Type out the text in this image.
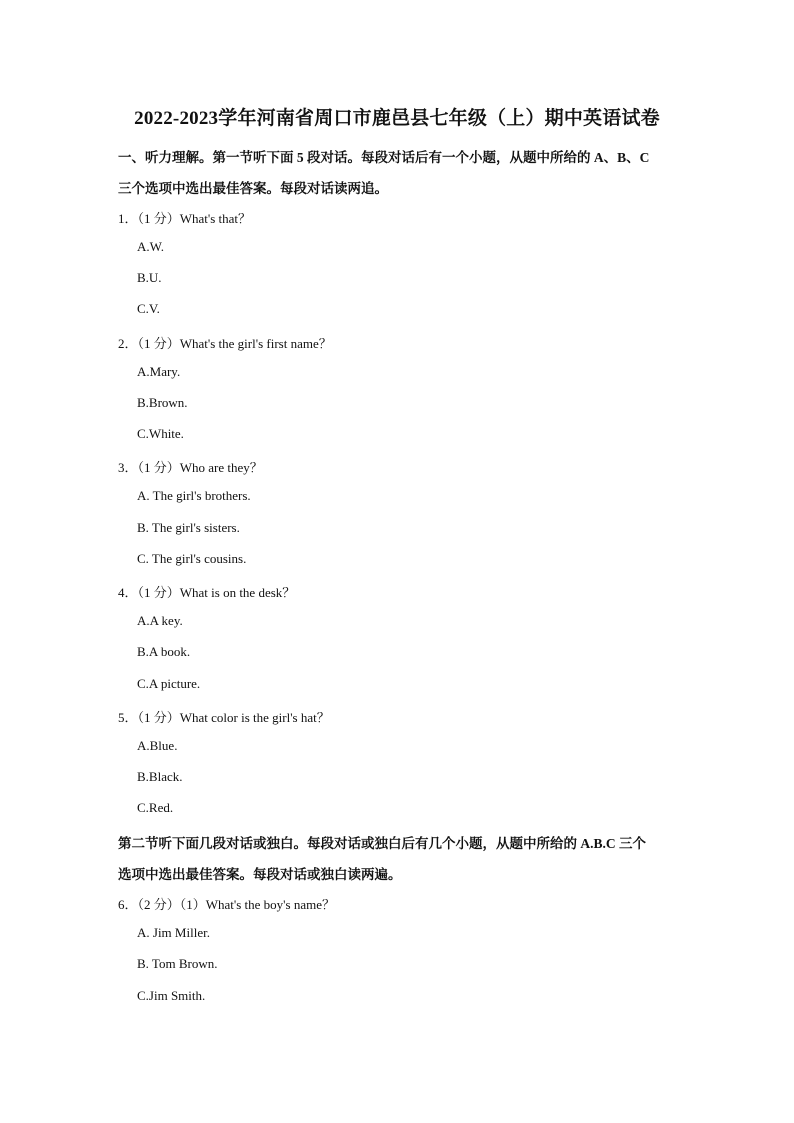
2022-2023学年河南省周口市鹿邑县七年级（上）期中英语试卷
一、听力理解。第一节听下面 5 段对话。每段对话后有一个小题，从题中所给的 A、B、C
三个选项中选出最佳答案。每段对话读两追。
1．（1 分）What's that？
A.W.
B.U.
C.V.
2．（1 分）What's the girl's first name？
A.Mary.
B.Brown.
C.White.
3．（1 分）Who are they？
A. The girl's brothers.
B. The girl's sisters.
C. The girl's cousins.
4．（1 分）What is on the desk？
A.A key.
B.A book.
C.A picture.
5．（1 分）What color is the girl's hat？
A.Blue.
B.Black.
C.Red.
第二节听下面几段对话或独白。每段对话或独白后有几个小题，从题中所给的 A.B.C 三个
选项中选出最佳答案。每段对话或独白读两遍。
6．（2 分）（1）What's the boy's name？
A. Jim Miller.
B. Tom Brown.
C.Jim Smith.
